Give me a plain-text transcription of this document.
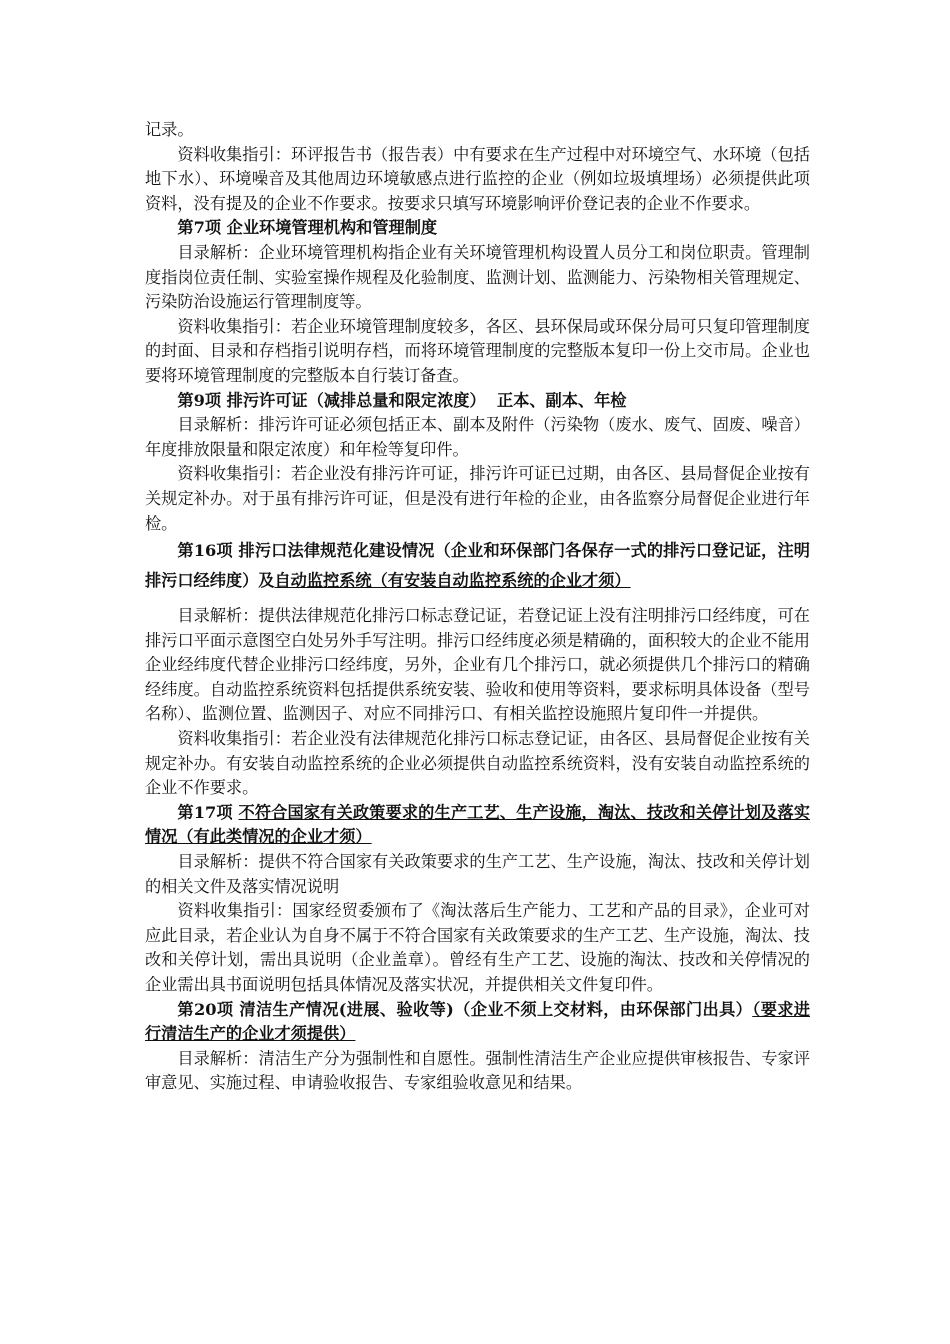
记录。

资料收集指引：环评报告书（报告表）中有要求在生产过程中对环境空气、水环境（包括地下水）、环境噪音及其他周边环境敏感点进行监控的企业（例如垃圾填埋场）必须提供此项资料，没有提及的企业不作要求。按要求只填写环境影响评价登记表的企业不作要求。

第7项 企业环境管理机构和管理制度

目录解析：企业环境管理机构指企业有关环境管理机构设置人员分工和岗位职责。管理制度指岗位责任制、实验室操作规程及化验制度、监测计划、监测能力、污染物相关管理规定、污染防治设施运行管理制度等。

资料收集指引：若企业环境管理制度较多，各区、县环保局或环保分局可只复印管理制度的封面、目录和存档指引说明存档，而将环境管理制度的完整版本复印一份上交市局。企业也要将环境管理制度的完整版本自行装订备查。

第9项 排污许可证（减排总量和限定浓度）  正本、副本、年检

目录解析：排污许可证必须包括正本、副本及附件（污染物（废水、废气、固废、噪音）年度排放限量和限定浓度）和年检等复印件。

资料收集指引：若企业没有排污许可证，排污许可证已过期，由各区、县局督促企业按有关规定补办。对于虽有排污许可证，但是没有进行年检的企业，由各监察分局督促企业进行年检。

第16项 排污口法律规范化建设情况（企业和环保部门各保存一式的排污口登记证，注明排污口经纬度）及自动监控系统（有安装自动监控系统的企业才须）

目录解析：提供法律规范化排污口标志登记证，若登记证上没有注明排污口经纬度，可在排污口平面示意图空白处另外手写注明。排污口经纬度必须是精确的，面积较大的企业不能用企业经纬度代替企业排污口经纬度，另外，企业有几个排污口，就必须提供几个排污口的精确经纬度。自动监控系统资料包括提供系统安装、验收和使用等资料，要求标明具体设备（型号名称）、监测位置、监测因子、对应不同排污口、有相关监控设施照片复印件一并提供。

资料收集指引：若企业没有法律规范化排污口标志登记证，由各区、县局督促企业按有关规定补办。有安装自动监控系统的企业必须提供自动监控系统资料，没有安装自动监控系统的企业不作要求。

第17项 不符合国家有关政策要求的生产工艺、生产设施，淘汰、技改和关停计划及落实情况（有此类情况的企业才须）

目录解析：提供不符合国家有关政策要求的生产工艺、生产设施，淘汰、技改和关停计划的相关文件及落实情况说明

资料收集指引：国家经贸委颁布了《淘汰落后生产能力、工艺和产品的目录》，企业可对应此目录，若企业认为自身不属于不符合国家有关政策要求的生产工艺、生产设施，淘汰、技改和关停计划，需出具说明（企业盖章）。曾经有生产工艺、设施的淘汰、技改和关停情况的企业需出具书面说明包括具体情况及落实状况，并提供相关文件复印件。

第20项 清洁生产情况(进展、验收等)（企业不须上交材料，由环保部门出具）（要求进行清洁生产的企业才须提供）

目录解析：清洁生产分为强制性和自愿性。强制性清洁生产企业应提供审核报告、专家评审意见、实施过程、申请验收报告、专家组验收意见和结果。
